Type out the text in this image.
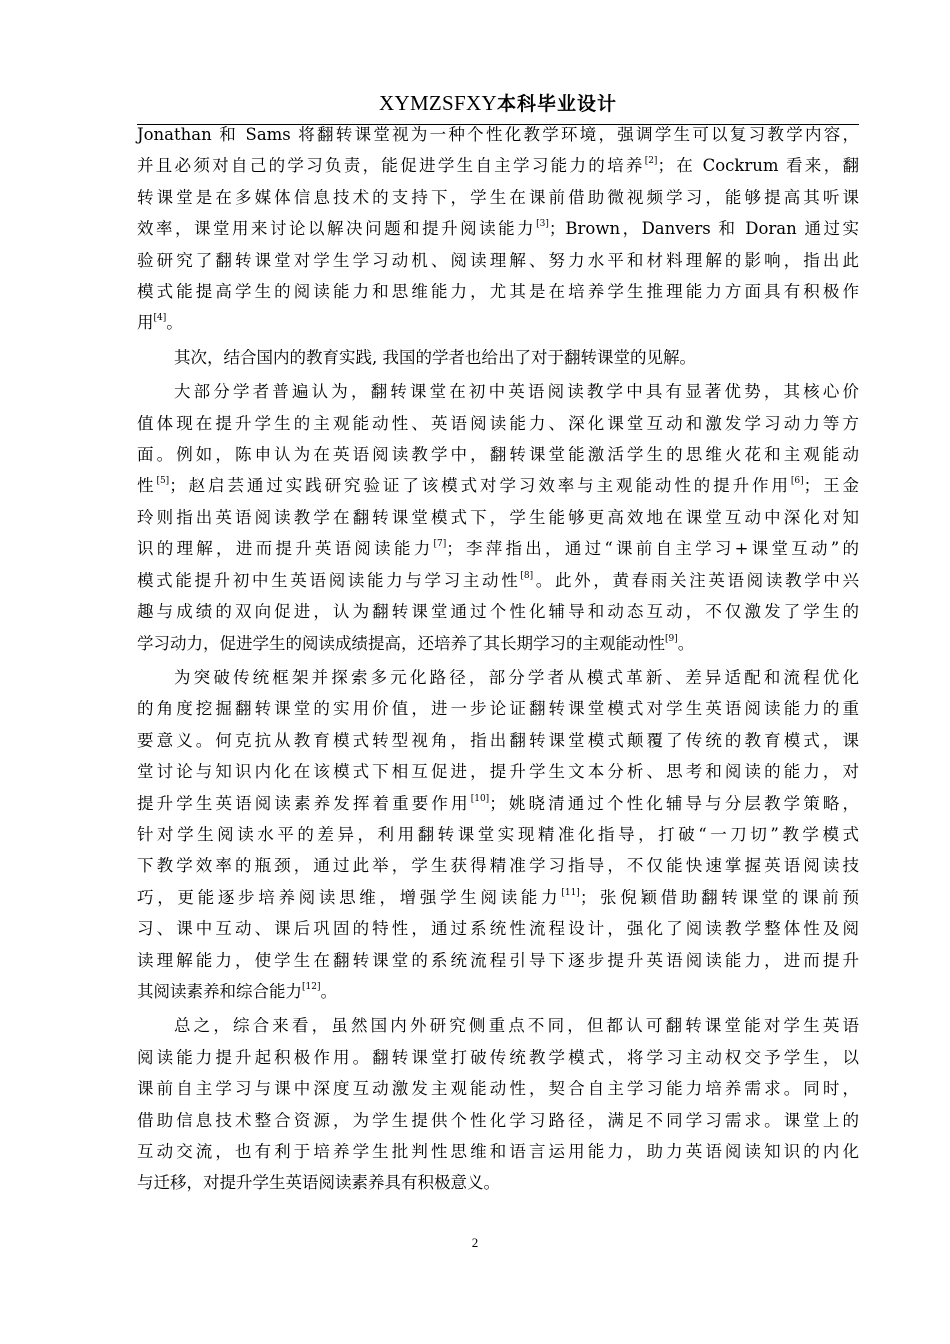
XYMZSFXY本科毕业设计
Jonathan 和 Sams 将翻转课堂视为一种个性化教学环境，强调学生可以复习教学内容，
并且必须对自己的学习负责，能促进学生自主学习能力的培养[2]；在 Cockrum 看来，翻
转课堂是在多媒体信息技术的支持下，学生在课前借助微视频学习，能够提高其听课
效率，课堂用来讨论以解决问题和提升阅读能力[3]；Brown，Danvers 和 Doran 通过实
验研究了翻转课堂对学生学习动机、阅读理解、努力水平和材料理解的影响，指出此
模式能提高学生的阅读能力和思维能力，尤其是在培养学生推理能力方面具有积极作
用[4]。
其次，结合国内的教育实践, 我国的学者也给出了对于翻转课堂的见解。
大部分学者普遍认为，翻转课堂在初中英语阅读教学中具有显著优势，其核心价
值体现在提升学生的主观能动性、英语阅读能力、深化课堂互动和激发学习动力等方
面。例如，陈申认为在英语阅读教学中，翻转课堂能激活学生的思维火花和主观能动
性[5]；赵启芸通过实践研究验证了该模式对学习效率与主观能动性的提升作用[6]；王金
玲则指出英语阅读教学在翻转课堂模式下，学生能够更高效地在课堂互动中深化对知
识的理解，进而提升英语阅读能力[7]；李萍指出，通过“课前自主学习+课堂互动”的
模式能提升初中生英语阅读能力与学习主动性[8]。此外，黄春雨关注英语阅读教学中兴
趣与成绩的双向促进，认为翻转课堂通过个性化辅导和动态互动，不仅激发了学生的
学习动力，促进学生的阅读成绩提高，还培养了其长期学习的主观能动性[9]。
为突破传统框架并探索多元化路径，部分学者从模式革新、差异适配和流程优化
的角度挖掘翻转课堂的实用价值，进一步论证翻转课堂模式对学生英语阅读能力的重
要意义。何克抗从教育模式转型视角，指出翻转课堂模式颠覆了传统的教育模式，课
堂讨论与知识内化在该模式下相互促进，提升学生文本分析、思考和阅读的能力，对
提升学生英语阅读素养发挥着重要作用[10]；姚晓清通过个性化辅导与分层教学策略，
针对学生阅读水平的差异，利用翻转课堂实现精准化指导，打破“一刀切”教学模式
下教学效率的瓶颈，通过此举，学生获得精准学习指导，不仅能快速掌握英语阅读技
巧，更能逐步培养阅读思维，增强学生阅读能力[11]；张倪颖借助翻转课堂的课前预
习、课中互动、课后巩固的特性，通过系统性流程设计，强化了阅读教学整体性及阅
读理解能力，使学生在翻转课堂的系统流程引导下逐步提升英语阅读能力，进而提升
其阅读素养和综合能力[12]。
总之，综合来看，虽然国内外研究侧重点不同，但都认可翻转课堂能对学生英语
阅读能力提升起积极作用。翻转课堂打破传统教学模式，将学习主动权交予学生，以
课前自主学习与课中深度互动激发主观能动性，契合自主学习能力培养需求。同时，
借助信息技术整合资源，为学生提供个性化学习路径，满足不同学习需求。课堂上的
互动交流，也有利于培养学生批判性思维和语言运用能力，助力英语阅读知识的内化
与迁移，对提升学生英语阅读素养具有积极意义。
2
